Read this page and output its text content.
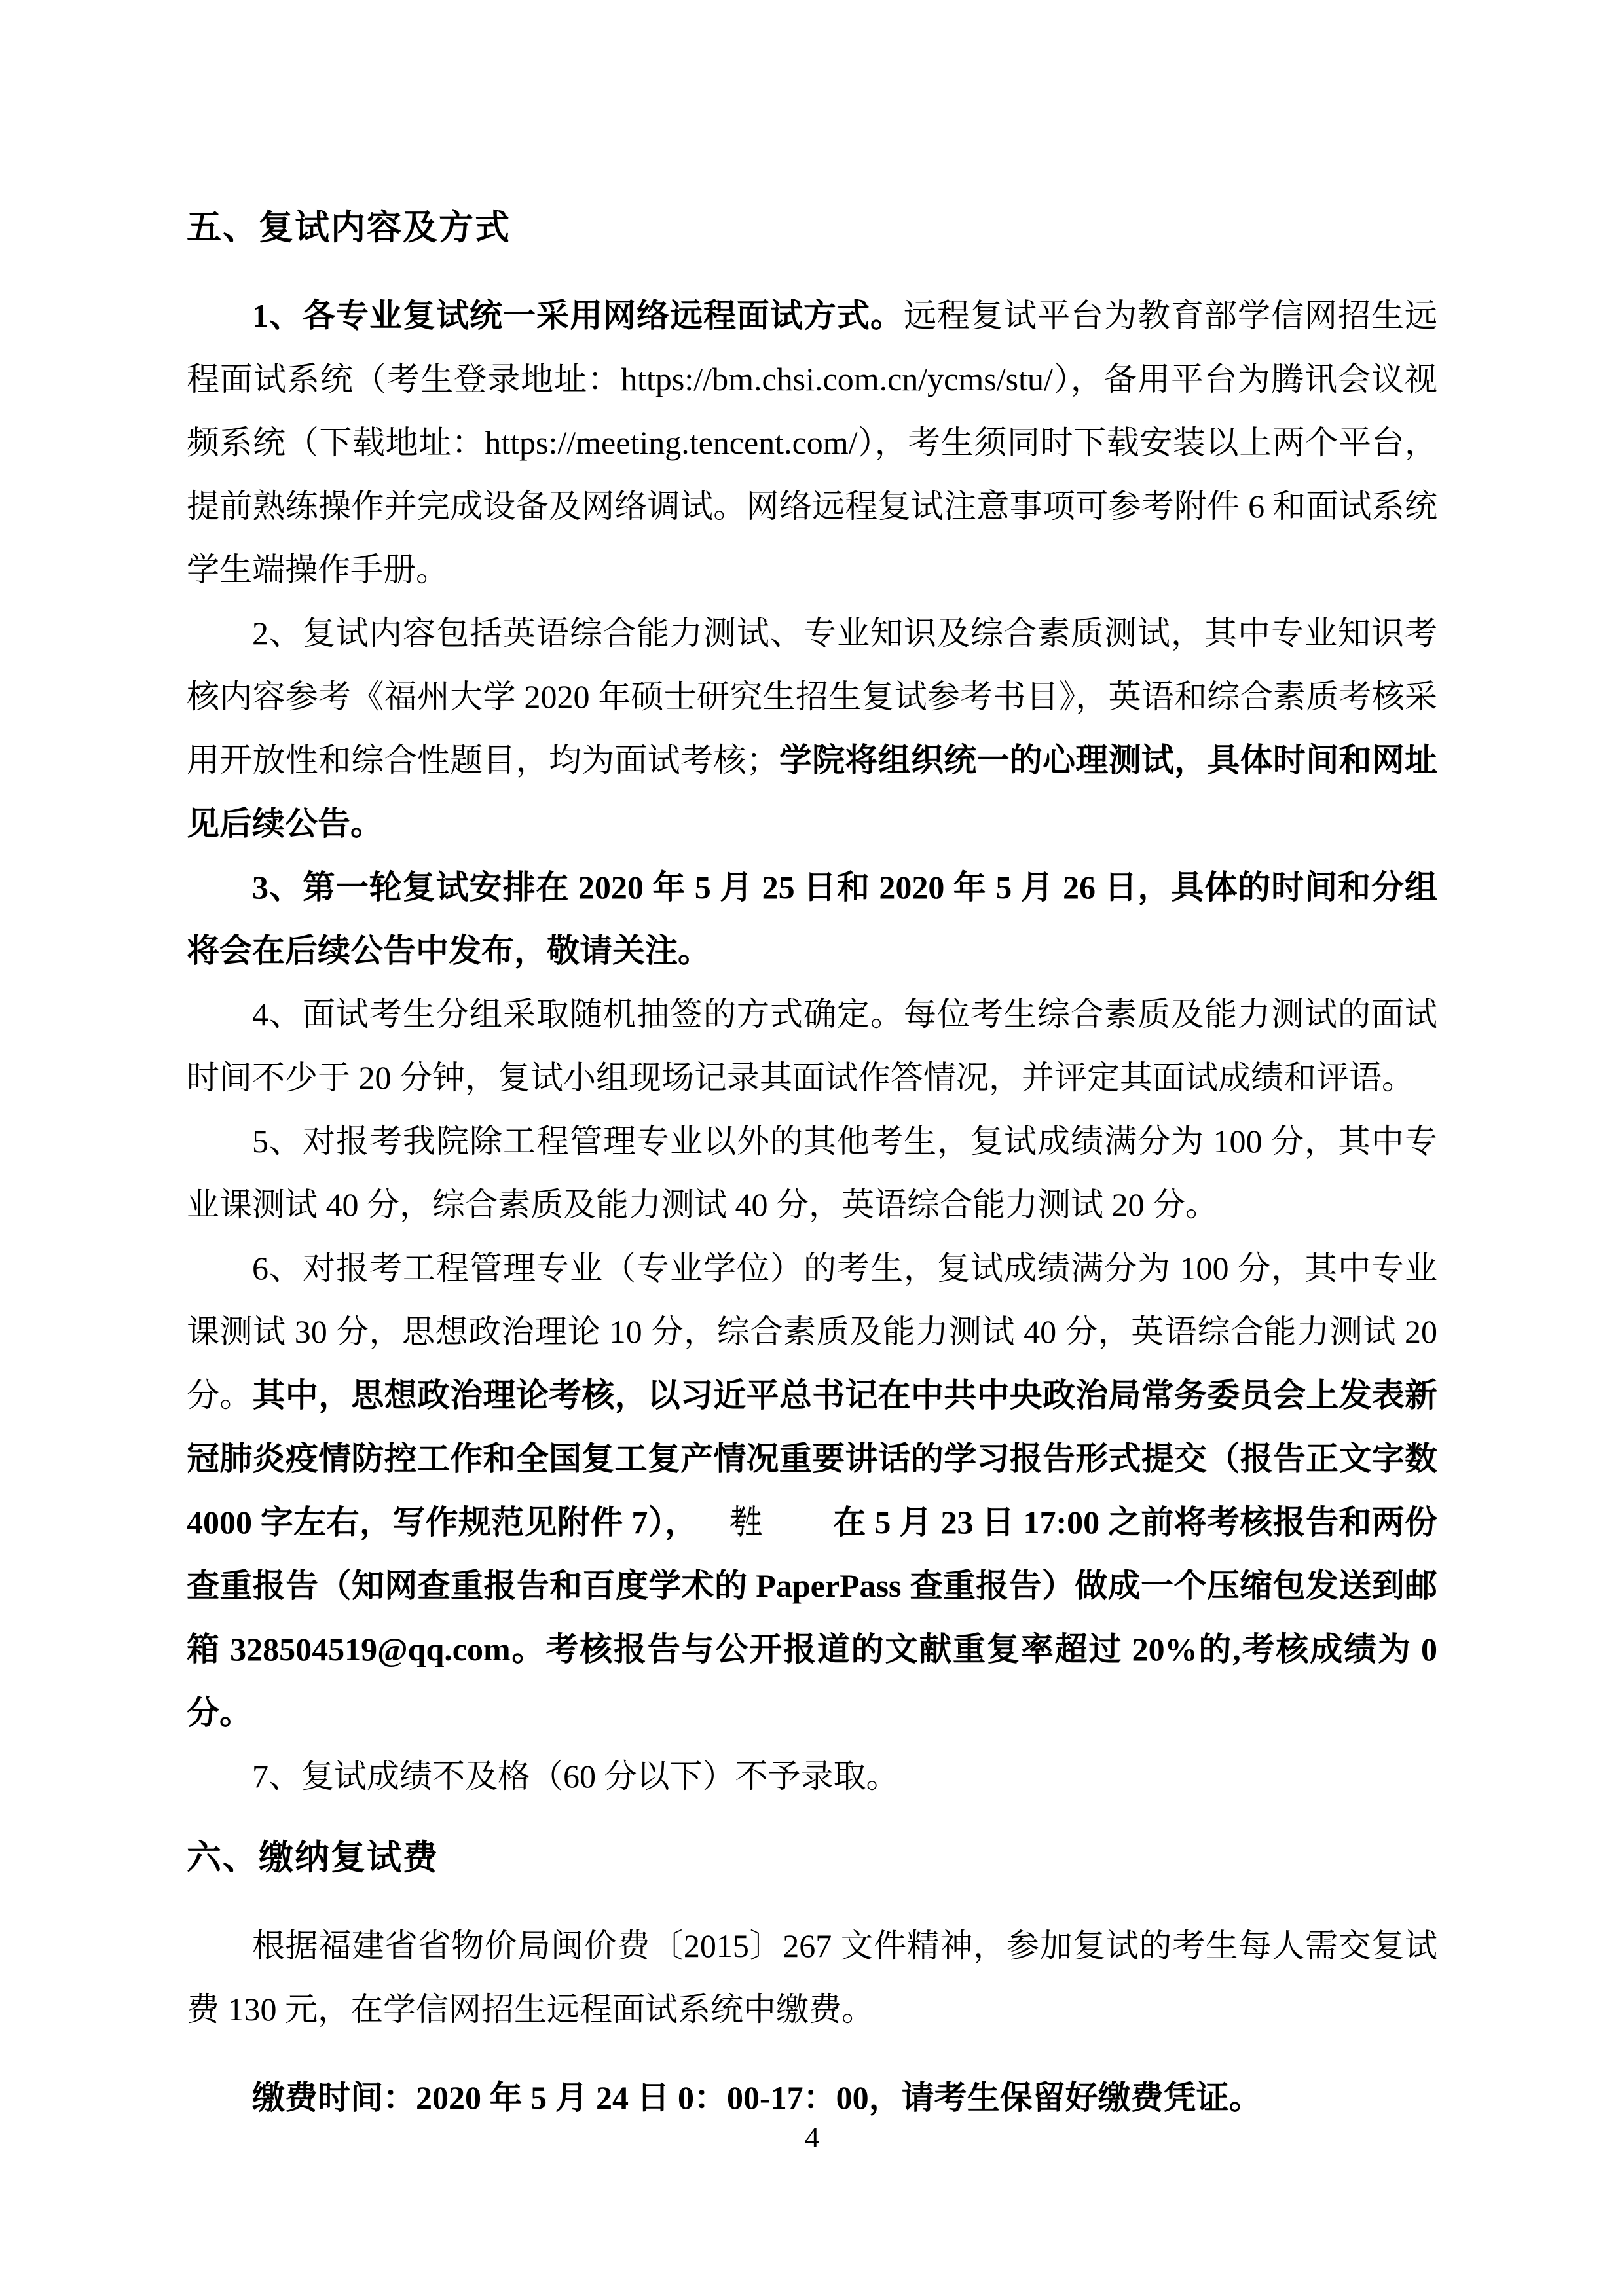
五、复试内容及方式

1、各专业复试统一采用网络远程面试方式。远程复试平台为教育部学信网招生远程面试系统（考生登录地址：https://bm.chsi.com.cn/ycms/stu/），备用平台为腾讯会议视频系统（下载地址：https://meeting.tencent.com/），考生须同时下载安装以上两个平台，提前熟练操作并完成设备及网络调试。网络远程复试注意事项可参考附件 6 和面试系统学生端操作手册。

2、复试内容包括英语综合能力测试、专业知识及综合素质测试，其中专业知识考核内容参考《福州大学 2020 年硕士研究生招生复试参考书目》，英语和综合素质考核采用开放性和综合性题目，均为面试考核；学院将组织统一的心理测试，具体时间和网址见后续公告。

3、第一轮复试安排在 2020 年 5 月 25 日和 2020 年 5 月 26 日，具体的时间和分组将会在后续公告中发布，敬请关注。

4、面试考生分组采取随机抽签的方式确定。每位考生综合素质及能力测试的面试时间不少于 20 分钟，复试小组现场记录其面试作答情况，并评定其面试成绩和评语。

5、对报考我院除工程管理专业以外的其他考生，复试成绩满分为 100 分，其中专业课测试 40 分，综合素质及能力测试 40 分，英语综合能力测试 20 分。

6、对报考工程管理专业（专业学位）的考生，复试成绩满分为 100 分，其中专业课测试 30 分，思想政治理论 10 分，综合素质及能力测试 40 分，英语综合能力测试 20 分。其中，思想政治理论考核，以习近平总书记在中共中央政治局常务委员会上发表新冠肺炎疫情防控工作和全国复工复产情况重要讲话的学习报告形式提交（报告正文字数 4000 字左右，写作规范见附件 7）， 考生 在 5 月 23 日 17:00 之前将考核报告和两份查重报告（知网查重报告和百度学术的 PaperPass 查重报告）做成一个压缩包发送到邮箱 328504519@qq.com。考核报告与公开报道的文献重复率超过 20%的,考核成绩为 0 分。

7、复试成绩不及格（60 分以下）不予录取。

六、缴纳复试费

根据福建省省物价局闽价费〔2015〕267 文件精神，参加复试的考生每人需交复试费 130 元，在学信网招生远程面试系统中缴费。

缴费时间：2020 年 5 月 24 日 0：00-17：00，请考生保留好缴费凭证。

4
